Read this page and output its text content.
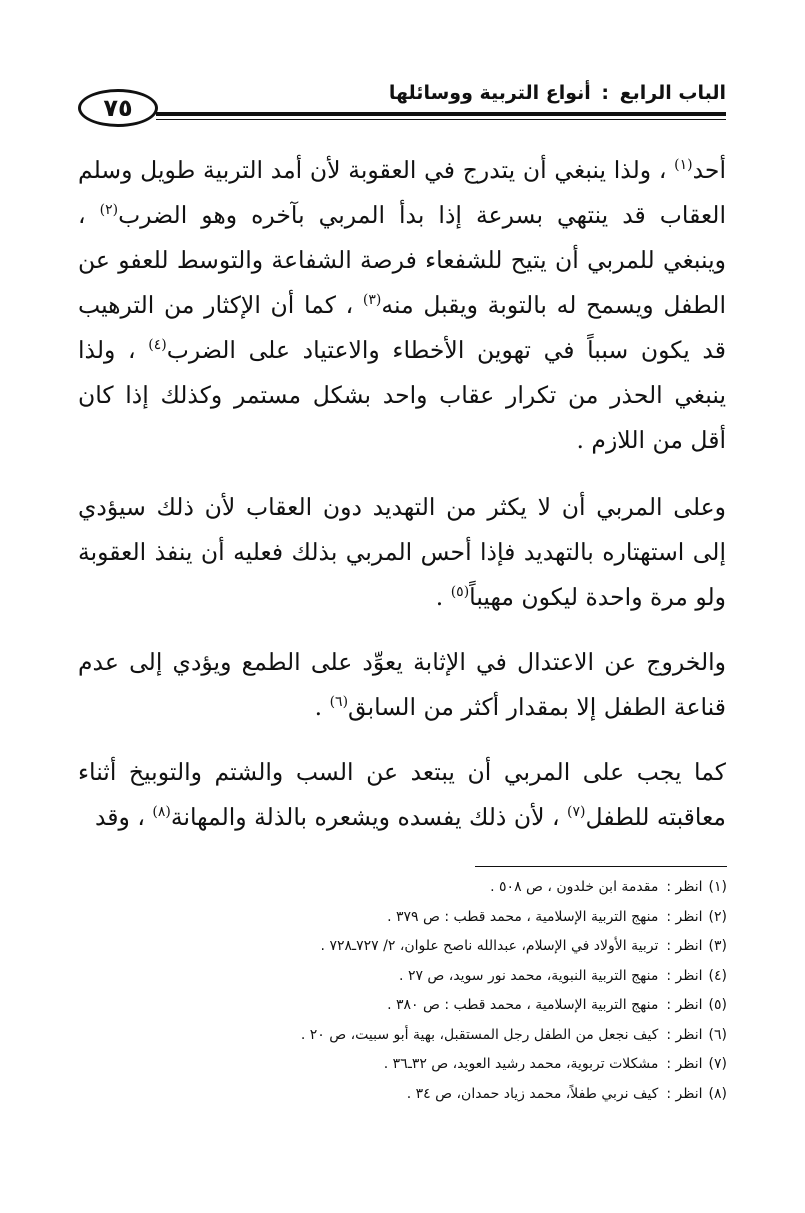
الباب الرابع : أنواع التربية ووسائلها
٧٥

أحد$^{(١)}$ ، ولذا ينبغي أن يتدرج في العقوبة لأن أمد التربية طويل وسلم العقاب قد ينتهي بسرعة إذا بدأ المربي بآخره وهو الضرب$^{(٢)}$ ، وينبغي للمربي أن يتيح للشفعاء فرصة الشفاعة والتوسط للعفو عن الطفل ويسمح له بالتوبة ويقبل منه$^{(٣)}$ ، كما أن الإكثار من الترهيب قد يكون سبباً في تهوين الأخطاء والاعتياد على الضرب$^{(٤)}$ ، ولذا ينبغي الحذر من تكرار عقاب واحد بشكل مستمر وكذلك إذا كان أقل من اللازم .

وعلى المربي أن لا يكثر من التهديد دون العقاب لأن ذلك سيؤدي إلى استهتاره بالتهديد فإذا أحس المربي بذلك فعليه أن ينفذ العقوبة ولو مرة واحدة ليكون مهيباً$^{(٥)}$ .

والخروج عن الاعتدال في الإثابة يعوِّد على الطمع ويؤدي إلى عدم قناعة الطفل إلا بمقدار أكثر من السابق$^{(٦)}$ .

كما يجب على المربي أن يبتعد عن السب والشتم والتوبيخ أثناء معاقبته للطفل$^{(٧)}$ ، لأن ذلك يفسده ويشعره بالذلة والمهانة$^{(٨)}$ ، وقد

(١)انظر :مقدمة ابن خلدون ، ص ٥٠٨ .
(٢)انظر :منهج التربية الإسلامية ، محمد قطب : ص ٣٧٩ .
(٣)انظر :تربية الأولاد في الإسلام، عبدالله ناصح علوان، ٢/ ٧٢٧ـ٧٢٨ .
(٤)انظر :منهج التربية النبوية، محمد نور سويد، ص ٢٧ .
(٥)انظر :منهج التربية الإسلامية ، محمد قطب : ص ٣٨٠ .
(٦)انظر :كيف نجعل من الطفل رجل المستقبل، بهية أبو سبيت، ص ٢٠ .
(٧)انظر :مشكلات تربوية، محمد رشيد العويد، ص ٣٢ـ٣٦ .
(٨)انظر :كيف نربي طفلاً، محمد زياد حمدان، ص ٣٤ .
